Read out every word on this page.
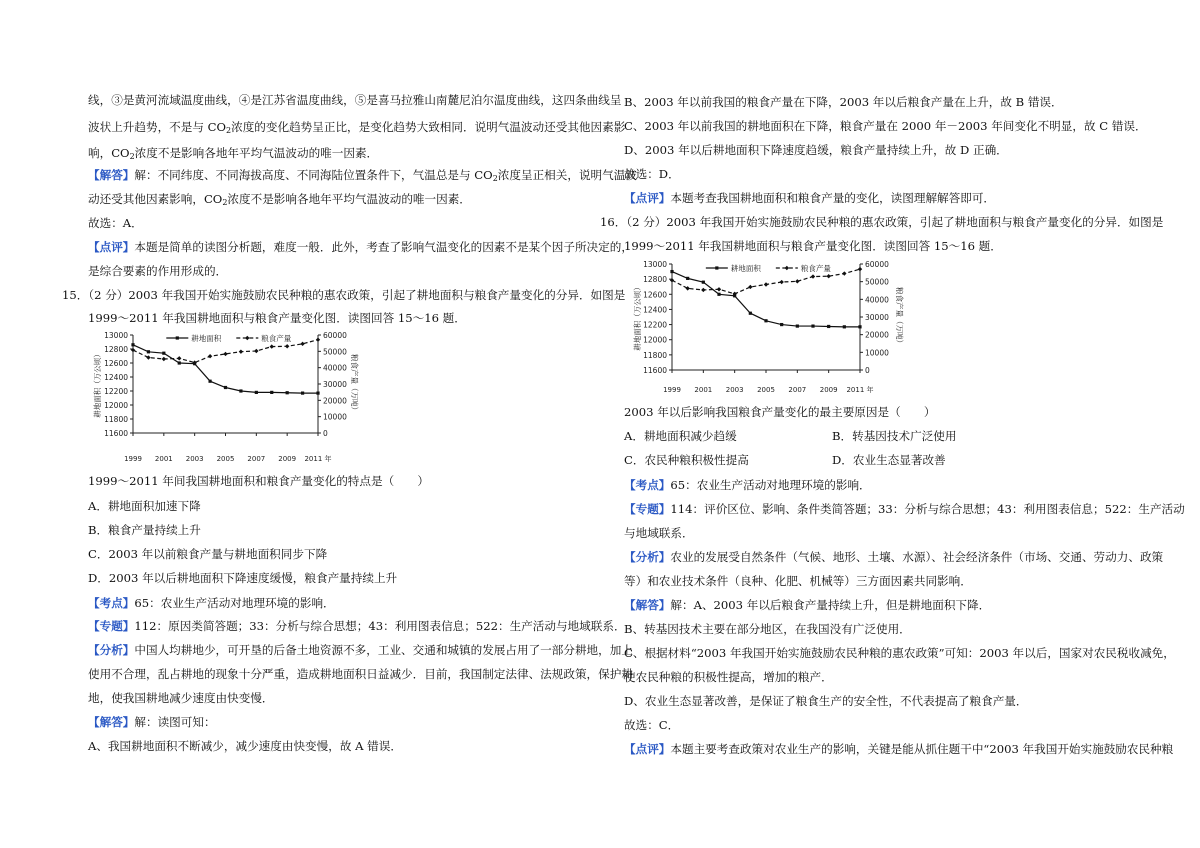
线，③是黄河流域温度曲线，④是江苏省温度曲线，⑤是喜马拉雅山南麓尼泊尔温度曲线，这四条曲线呈
波状上升趋势，不是与 $CO_2$浓度的变化趋势呈正比，是变化趋势大致相同．说明气温波动还受其他因素影
响，$CO_2$浓度不是影响各地年平均气温波动的唯一因素．
【解答】解：不同纬度、不同海拔高度、不同海陆位置条件下，气温总是与 $CO_2$浓度呈正相关，说明气温波
动还受其他因素影响，$CO_2$浓度不是影响各地年平均气温波动的唯一因素．
故选：A．
【点评】本题是简单的读图分析题，难度一般．此外，考查了影响气温变化的因素不是某个因子所决定的，
是综合要素的作用形成的．
15．（2 分）2003 年我国开始实施鼓励农民种粮的惠农政策，引起了耕地面积与粮食产量变化的分异．如图是
1999～2011 年我国耕地面积与粮食产量变化图．读图回答 15～16 题．
13000
12800
12600
12400
12200
12000
11800
11600
60000
50000
40000
30000
20000
10000
0
1999 2001 2003 2005 2007 2009 2011 年
耕地面积（万公顷）	粮食产量（万吨）
耕地面积	粮食产量
1999～2011 年间我国耕地面积和粮食产量变化的特点是（　　）
A．耕地面积加速下降
B．粮食产量持续上升
C．2003 年以前粮食产量与耕地面积同步下降
D．2003 年以后耕地面积下降速度缓慢，粮食产量持续上升
【考点】65：农业生产活动对地理环境的影响．
【专题】112：原因类简答题；33：分析与综合思想；43：利用图表信息；522：生产活动与地域联系．
【分析】中国人均耕地少，可开垦的后备土地资源不多，工业、交通和城镇的发展占用了一部分耕地，加上
使用不合理，乱占耕地的现象十分严重，造成耕地面积日益减少．目前，我国制定法律、法规政策，保护耕
地，使我国耕地减少速度由快变慢．
【解答】解：读图可知：
A、我国耕地面积不断减少，减少速度由快变慢，故 A 错误．
B、2003 年以前我国的粮食产量在下降，2003 年以后粮食产量在上升，故 B 错误．
C、2003 年以前我国的耕地面积在下降，粮食产量在 2000 年－2003 年间变化不明显，故 C 错误．
D、2003 年以后耕地面积下降速度趋缓，粮食产量持续上升，故 D 正确．
故选：D．
【点评】本题考查我国耕地面积和粮食产量的变化，读图理解解答即可．
16．（2 分）2003 年我国开始实施鼓励农民种粮的惠农政策，引起了耕地面积与粮食产量变化的分异．如图是
1999～2011 年我国耕地面积与粮食产量变化图．读图回答 15～16 题．
13000
12800
12600
12400
12200
12000
11800
11600
60000
50000
40000
30000
20000
10000
0
1999 2001 2003 2005 2007 2009 2011 年
耕地面积（万公顷）	粮食产量（万吨）
耕地面积	粮食产量
2003 年以后影响我国粮食产量变化的最主要原因是（　　）
A．耕地面积减少趋缓	B．转基因技术广泛使用
C．农民种粮积极性提高	D．农业生态显著改善
【考点】65：农业生产活动对地理环境的影响．
【专题】114：评价区位、影响、条件类简答题；33：分析与综合思想；43：利用图表信息；522：生产活动
与地域联系．
【分析】农业的发展受自然条件（气候、地形、土壤、水源）、社会经济条件（市场、交通、劳动力、政策
等）和农业技术条件（良种、化肥、机械等）三方面因素共同影响．
【解答】解：A、2003 年以后粮食产量持续上升，但是耕地面积下降．
B、转基因技术主要在部分地区，在我国没有广泛使用．
C、根据材料“2003 年我国开始实施鼓励农民种粮的惠农政策”可知：2003 年以后，国家对农民税收减免，
使农民种粮的积极性提高，增加的粮产．
D、农业生态显著改善，是保证了粮食生产的安全性，不代表提高了粮食产量．
故选：C．
【点评】本题主要考查政策对农业生产的影响，关键是能从抓住题干中“2003 年我国开始实施鼓励农民种粮
